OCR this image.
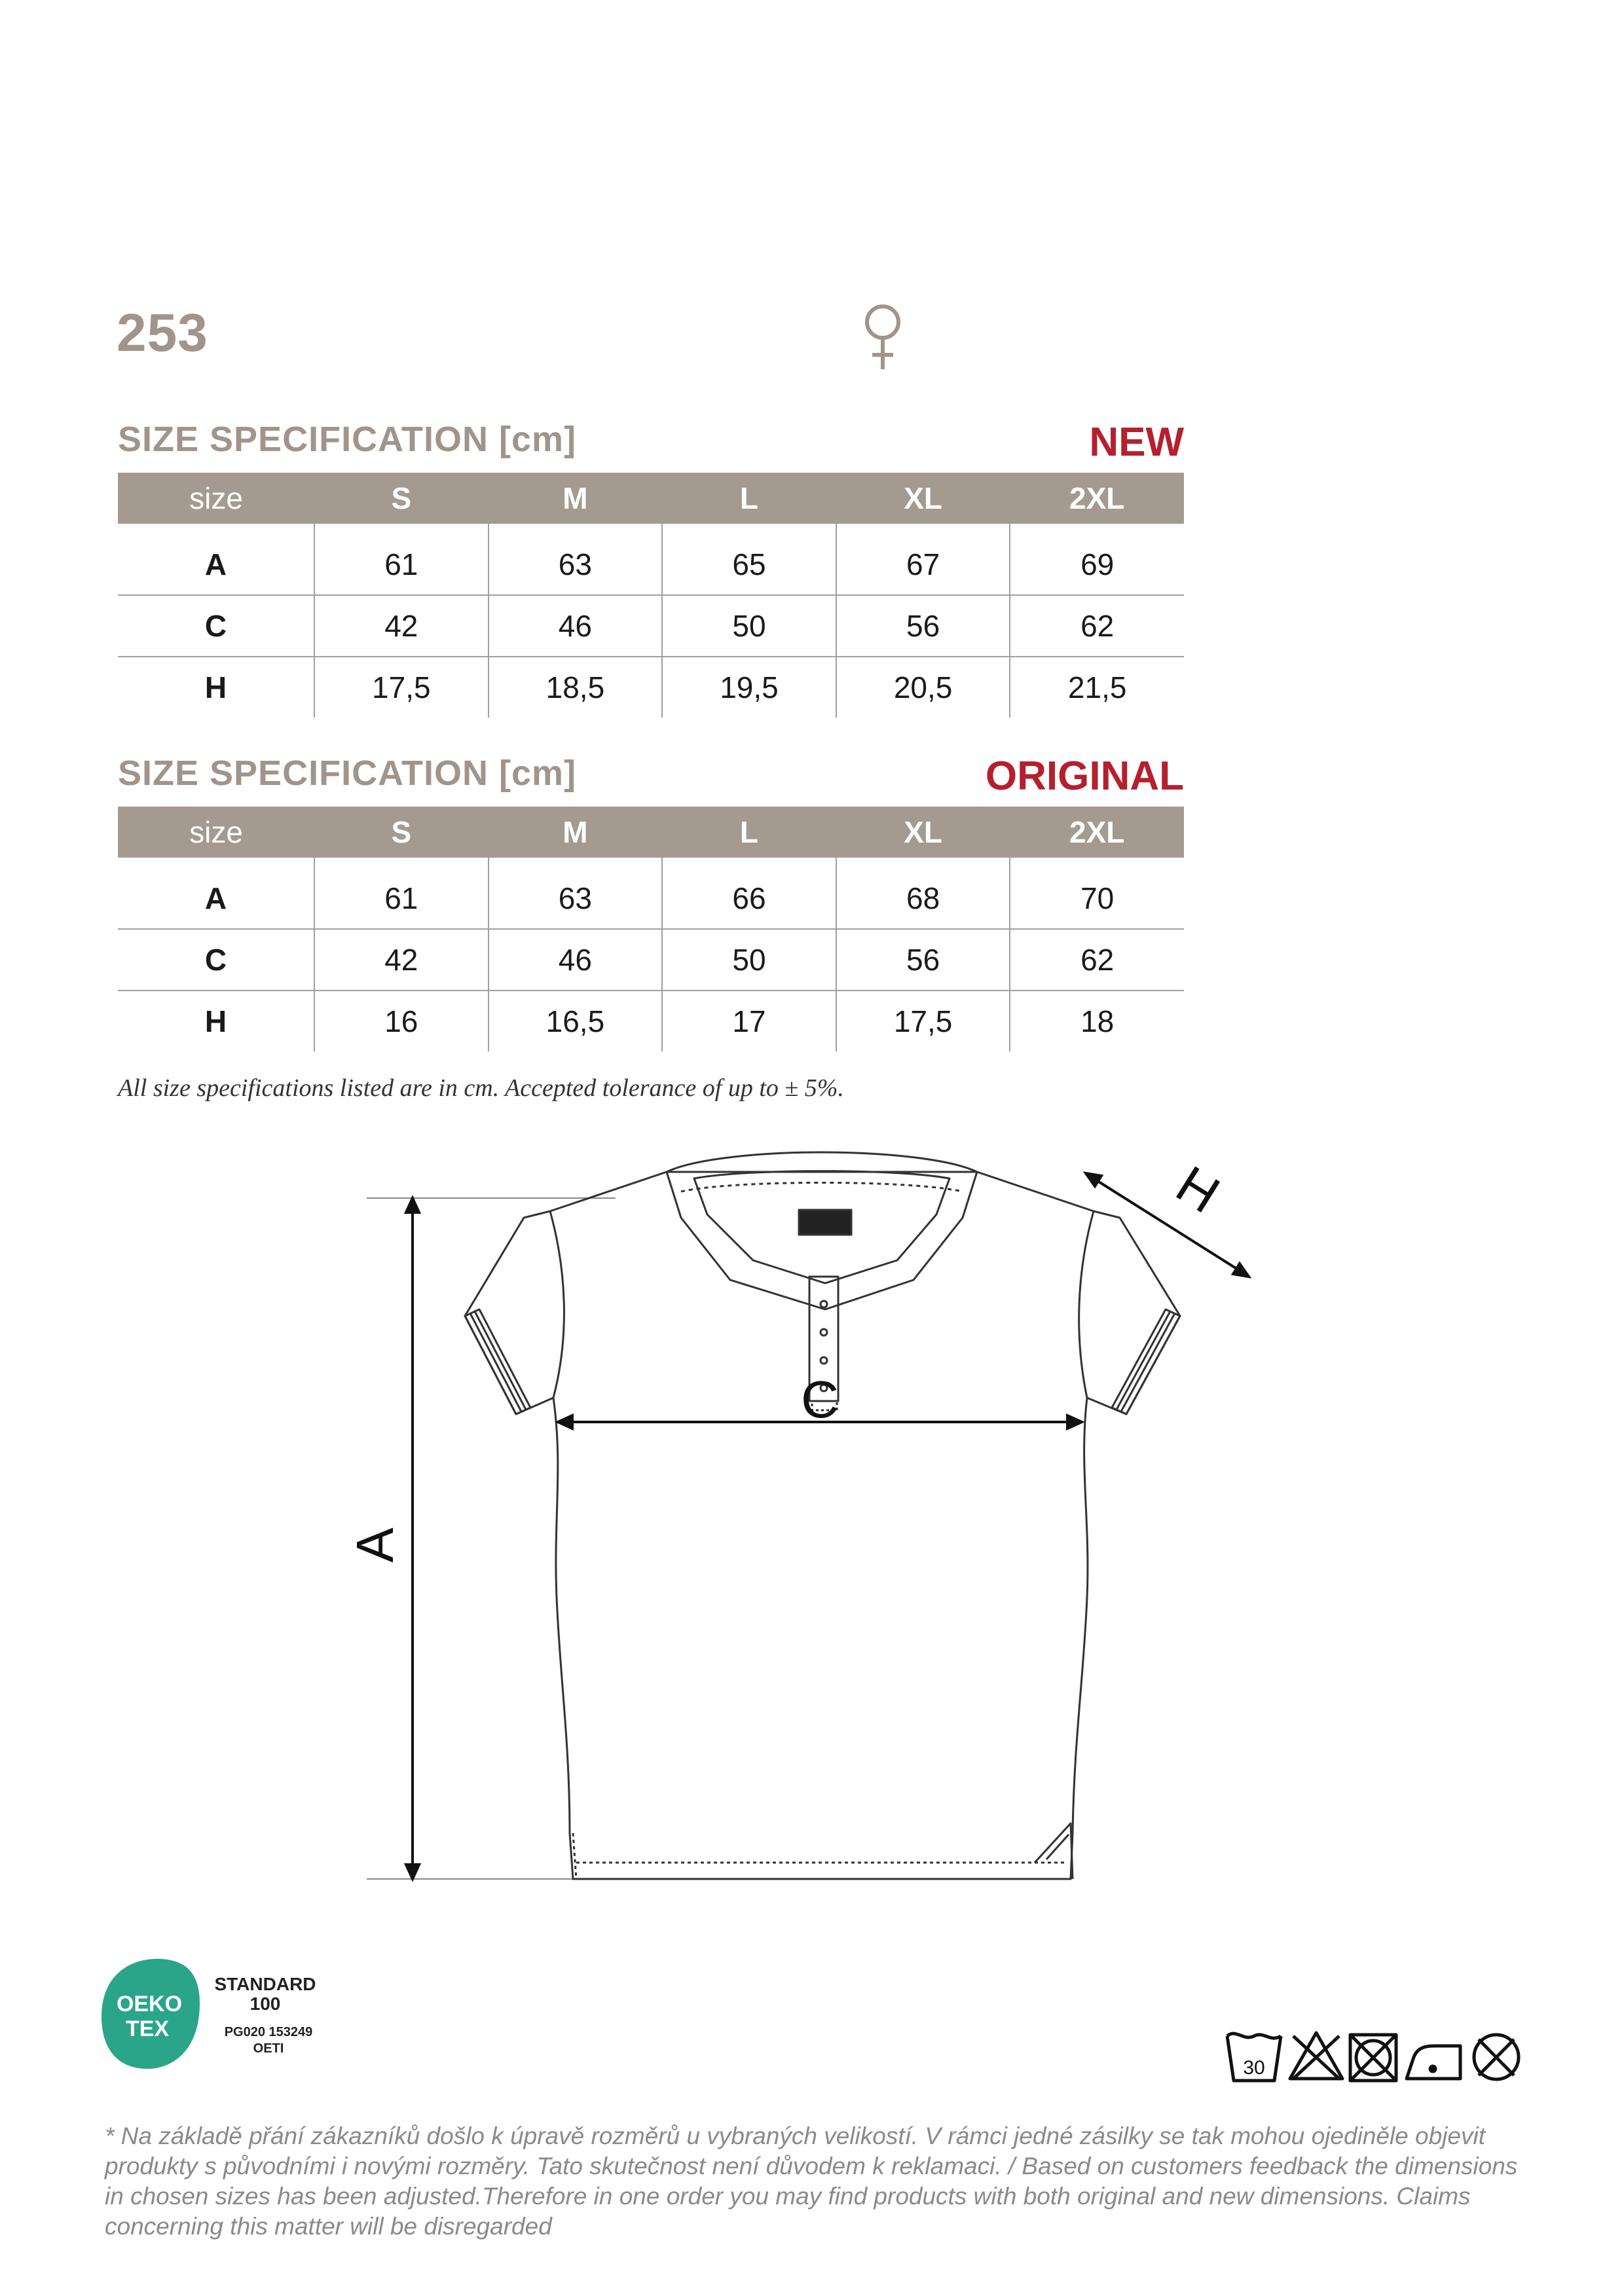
253
SIZE SPECIFICATION [cm]	NEW
size	S	M	L	XL	2XL

A	61	63	65	67	69
C	42	46	50	56	62
H	17,5	18,5	19,5	20,5	21,5
SIZE SPECIFICATION [cm]	ORIGINAL
size	S	M	L	XL	2XL

A	61	63	66	68	70
C	42	46	50	56	62
H	16	16,5	17	17,5	18
All size specifications listed are in cm. Accepted tolerance of up to ± 5%.
A
C
H
OEKO
TEX
STANDARD
100
PG020 153249
OETI
30
* Na základě přání zákazníků došlo k úpravě rozměrů u vybraných velikostí. V rámci jedné zásilky se tak mohou ojediněle objevit produkty s původními i novými rozměry. Tato skutečnost není důvodem k reklamaci. / Based on customers feedback the dimensions in chosen sizes has been adjusted.Therefore in one order you may find products with both original and new dimensions. Claims concerning this matter will be disregarded
